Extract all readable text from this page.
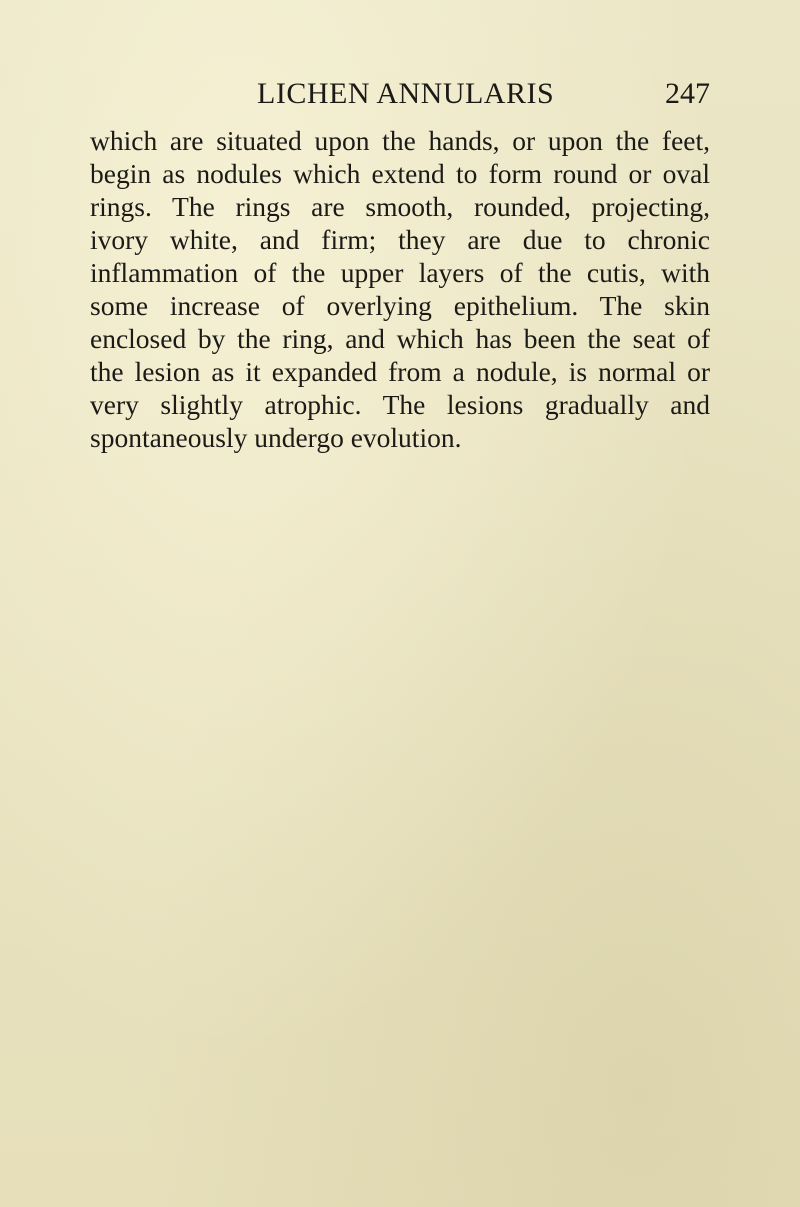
LICHEN ANNULARIS	247
which are situated upon the hands, or upon the feet,
begin as nodules which extend to form round or oval
rings. The rings are smooth, rounded, projecting,
ivory white, and firm; they are due to chronic
inflammation of the upper layers of the cutis, with
some increase of overlying epithelium. The skin
enclosed by the ring, and which has been the seat of
the lesion as it expanded from a nodule, is normal or
very slightly atrophic. The lesions gradually and
spontaneously undergo evolution.
